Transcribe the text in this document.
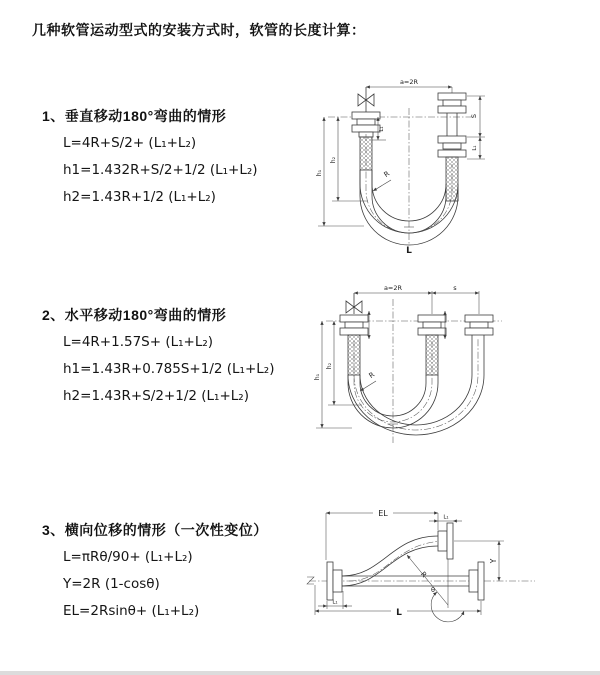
几种软管运动型式的安装方式时，软管的长度计算：
1、垂直移动180°弯曲的情形
L=4R+S/2+ (L₁+L₂)
h1=1.432R+S/2+1/2 (L₁+L₂)
h2=1.43R+1/2 (L₁+L₂)
2、水平移动180°弯曲的情形
L=4R+1.57S+ (L₁+L₂)
h1=1.43R+0.785S+1/2 (L₁+L₂)
h2=1.43R+S/2+1/2 (L₁+L₂)
3、横向位移的情形（一次性变位）
L=πRθ/90+ (L₁+L₂)
Y=2R (1-cosθ)
EL=2Rsinθ+ (L₁+L₂)
a=2R
h₁
h₂
L₁
S
L₁
R
L
a=2R	s
h₁
h₂
R
EL	L₁
Y
L
L₁
R
θ
